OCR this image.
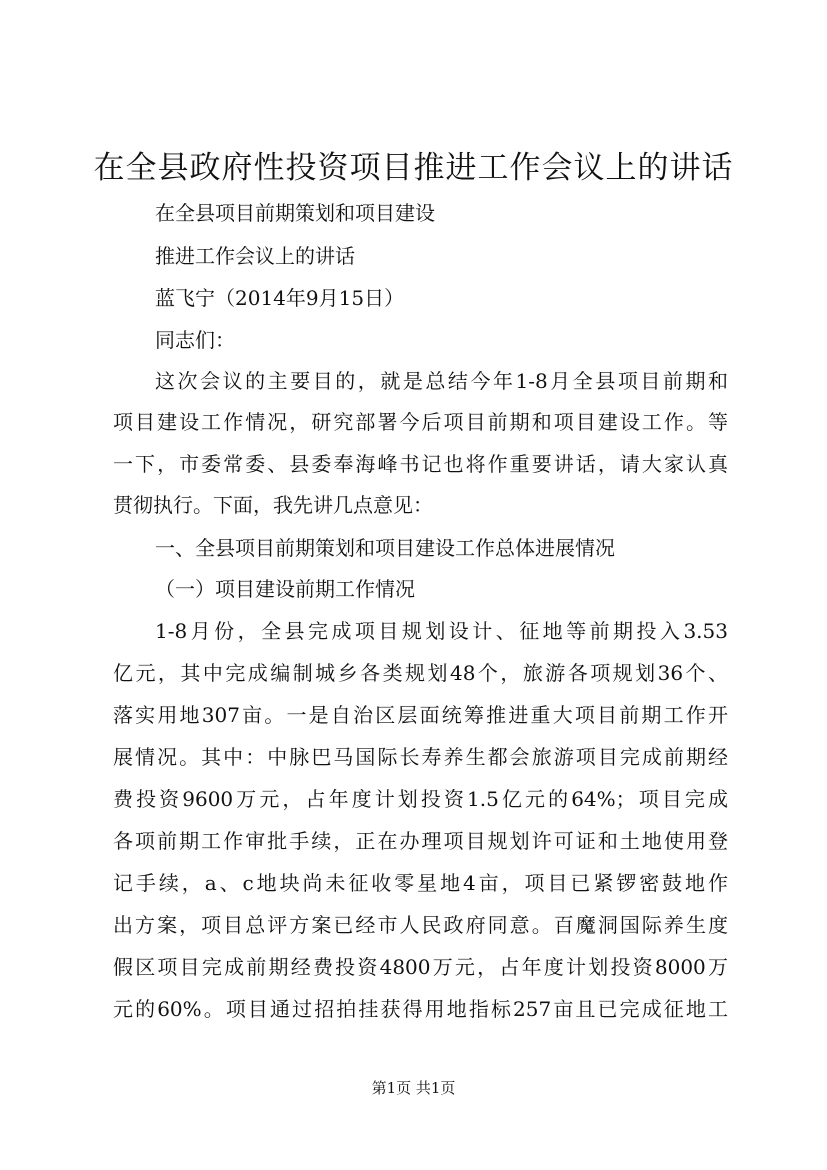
在全县政府性投资项目推进工作会议上的讲话

在全县项目前期策划和项目建设

推进工作会议上的讲话

蓝飞宁（2014年9月15日）

同志们：

这次会议的主要目的，就是总结今年1-8月全县项目前期和

项目建设工作情况，研究部署今后项目前期和项目建设工作。等

一下，市委常委、县委奉海峰书记也将作重要讲话，请大家认真

贯彻执行。下面，我先讲几点意见：

一、全县项目前期策划和项目建设工作总体进展情况

（一）项目建设前期工作情况

1-8月份，全县完成项目规划设计、征地等前期投入3.53

亿元，其中完成编制城乡各类规划48个，旅游各项规划36个、

落实用地307亩。一是自治区层面统筹推进重大项目前期工作开

展情况。其中：中脉巴马国际长寿养生都会旅游项目完成前期经

费投资9600万元，占年度计划投资1.5亿元的64%；项目完成

各项前期工作审批手续，正在办理项目规划许可证和土地使用登

记手续，a、c地块尚未征收零星地4亩，项目已紧锣密鼓地作

出方案，项目总评方案已经市人民政府同意。百魔洞国际养生度

假区项目完成前期经费投资4800万元，占年度计划投资8000万

元的60%。项目通过招拍挂获得用地指标257亩且已完成征地工

第1页 共1页
